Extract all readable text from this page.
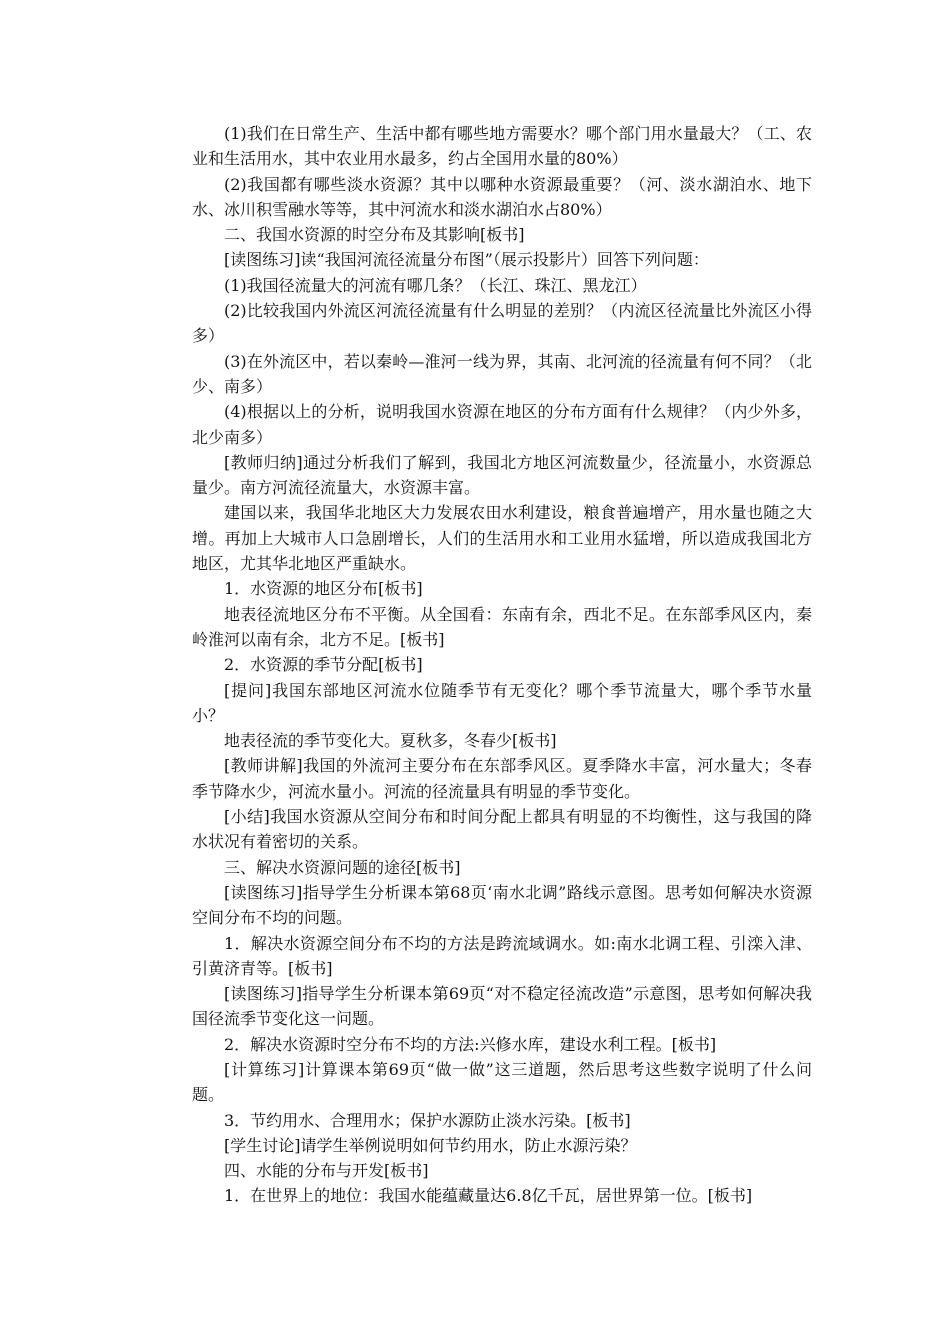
(1)我们在日常生产、生活中都有哪些地方需要水？哪个部门用水量最大？（工、农业和生活用水，其中农业用水最多，约占全国用水量的80%）

(2)我国都有哪些淡水资源？其中以哪种水资源最重要？（河、淡水湖泊水、地下水、冰川积雪融水等等，其中河流水和淡水湖泊水占80%）

二、我国水资源的时空分布及其影响[板书]

[读图练习]读“我国河流径流量分布图”（展示投影片）回答下列问题：

(1)我国径流量大的河流有哪几条？（长江、珠江、黑龙江）

(2)比较我国内外流区河流径流量有什么明显的差别？（内流区径流量比外流区小得多）

(3)在外流区中，若以秦岭—淮河一线为界，其南、北河流的径流量有何不同？（北少、南多）

(4)根据以上的分析，说明我国水资源在地区的分布方面有什么规律？（内少外多，北少南多）

[教师归纳]通过分析我们了解到，我国北方地区河流数量少，径流量小，水资源总量少。南方河流径流量大，水资源丰富。

建国以来，我国华北地区大力发展农田水利建设，粮食普遍增产，用水量也随之大增。再加上大城市人口急剧增长，人们的生活用水和工业用水猛增，所以造成我国北方地区，尤其华北地区严重缺水。

1．水资源的地区分布[板书]

地表径流地区分布不平衡。从全国看：东南有余，西北不足。在东部季风区内，秦岭淮河以南有余，北方不足。[板书]

2．水资源的季节分配[板书]

[提问]我国东部地区河流水位随季节有无变化？哪个季节流量大，哪个季节水量小？

地表径流的季节变化大。夏秋多，冬春少[板书]

[教师讲解]我国的外流河主要分布在东部季风区。夏季降水丰富，河水量大；冬春季节降水少，河流水量小。河流的径流量具有明显的季节变化。

[小结]我国水资源从空间分布和时间分配上都具有明显的不均衡性，这与我国的降水状况有着密切的关系。

三、解决水资源问题的途径[板书]

[读图练习]指导学生分析课本第68页‘南水北调”路线示意图。思考如何解决水资源空间分布不均的问题。

1．解决水资源空间分布不均的方法是跨流域调水。如:南水北调工程、引滦入津、引黄济青等。[板书]

[读图练习]指导学生分析课本第69页“对不稳定径流改造”示意图，思考如何解决我国径流季节变化这一问题。

2．解决水资源时空分布不均的方法:兴修水库，建设水利工程。[板书]

[计算练习]计算课本第69页“做一做”这三道题，然后思考这些数字说明了什么问题。

3．节约用水、合理用水；保护水源防止淡水污染。[板书]

[学生讨论]请学生举例说明如何节约用水，防止水源污染？

四、水能的分布与开发[板书]

1．在世界上的地位：我国水能蕴藏量达6.8亿千瓦，居世界第一位。[板书]
